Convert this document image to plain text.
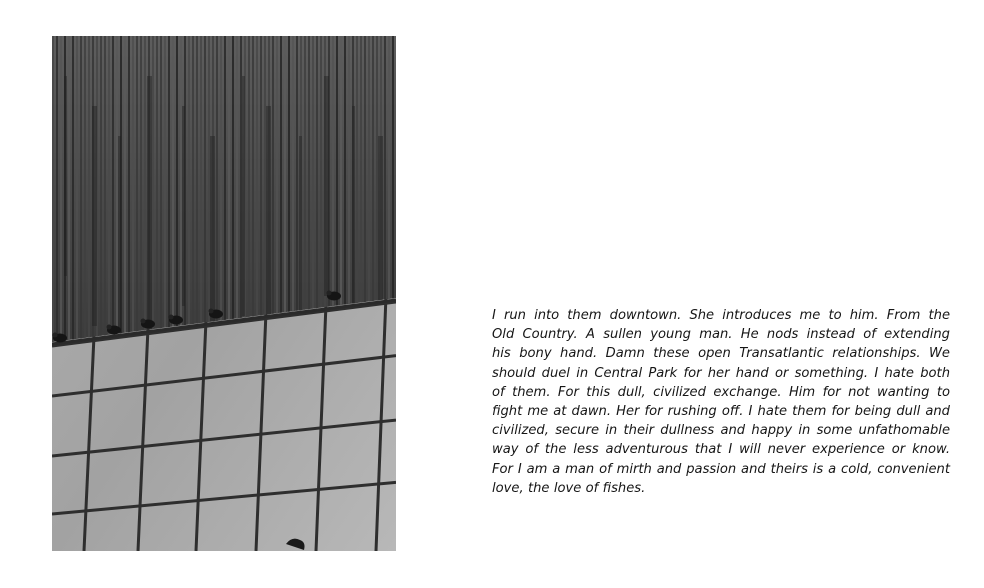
I run into them downtown. She introduces me to him. From the
Old Country. A sullen young man. He nods instead of extending
his bony hand. Damn these open Transatlantic relationships. We
should duel in Central Park for her hand or something. I hate both
of them. For this dull, civilized exchange. Him for not wanting to
fight me at dawn. Her for rushing off. I hate them for being dull and
civilized, secure in their dullness and happy in some unfathomable
way of the less adventurous that I will never experience or know.
For I am a man of mirth and passion and theirs is a cold, convenient
love, the love of fishes.
